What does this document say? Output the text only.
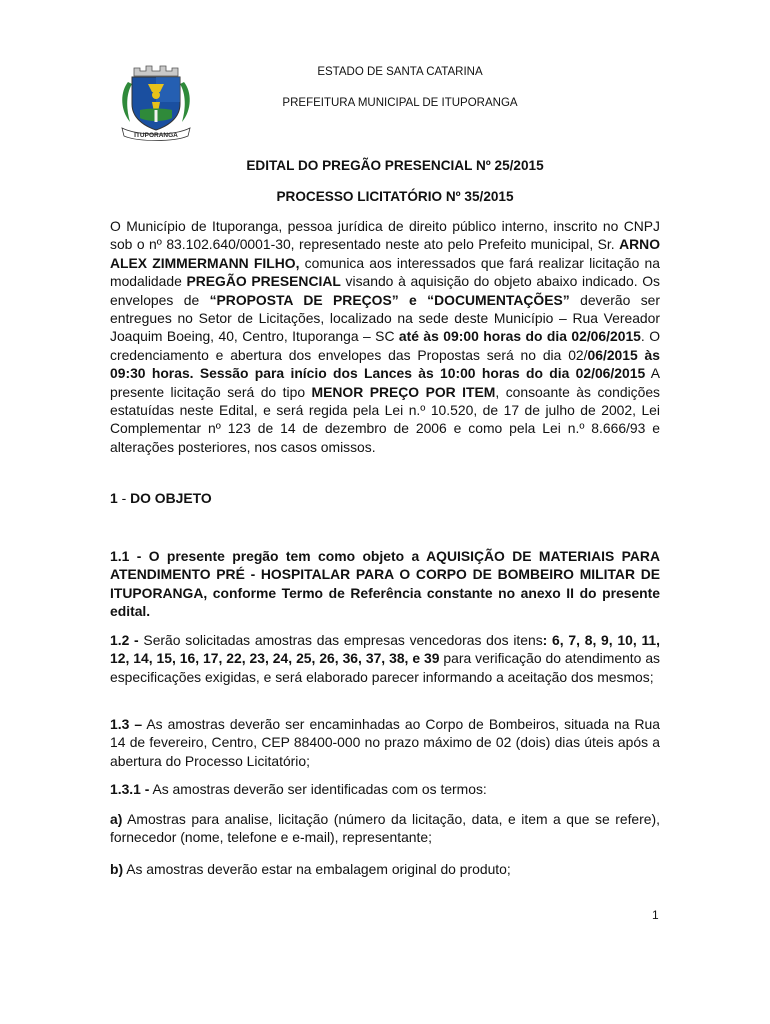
ITUPORANGA
ESTADO DE SANTA CATARINA
PREFEITURA MUNICIPAL DE ITUPORANGA
EDITAL DO PREGÃO PRESENCIAL Nº 25/2015
PROCESSO LICITATÓRIO Nº 35/2015
O Município de Ituporanga, pessoa jurídica de direito público interno, inscrito no CNPJ sob o nº 83.102.640/0001-30, representado neste ato pelo Prefeito municipal, Sr. ARNO ALEX ZIMMERMANN FILHO, comunica aos interessados que fará realizar licitação na modalidade PREGÃO PRESENCIAL visando à aquisição do objeto abaixo indicado. Os envelopes de “PROPOSTA DE PREÇOS” e “DOCUMENTAÇÕES” deverão ser entregues no Setor de Licitações, localizado na sede deste Município – Rua Vereador Joaquim Boeing, 40, Centro, Ituporanga – SC até às 09:00 horas do dia 02/06/2015. O credenciamento e abertura dos envelopes das Propostas será no dia 02/06/2015 às 09:30 horas. Sessão para início dos Lances às 10:00 horas do dia 02/06/2015 A presente licitação será do tipo MENOR PREÇO POR ITEM, consoante às condições estatuídas neste Edital, e será regida pela Lei n.º 10.520, de 17 de julho de 2002, Lei Complementar nº 123 de 14 de dezembro de 2006 e como pela Lei n.º 8.666/93 e alterações posteriores, nos casos omissos.
1 - DO OBJETO
1.1 - O presente pregão tem como objeto a AQUISIÇÃO DE MATERIAIS PARA ATENDIMENTO PRÉ - HOSPITALAR PARA O CORPO DE BOMBEIRO MILITAR DE ITUPORANGA, conforme Termo de Referência constante no anexo II do presente edital.
1.2 - Serão solicitadas amostras das empresas vencedoras dos itens: 6, 7, 8, 9, 10, 11, 12, 14, 15, 16, 17, 22, 23, 24, 25, 26, 36, 37, 38, e 39 para verificação do atendimento as especificações exigidas, e será elaborado parecer informando a aceitação dos mesmos;
1.3 – As amostras deverão ser encaminhadas ao Corpo de Bombeiros, situada na Rua 14 de fevereiro, Centro, CEP 88400-000 no prazo máximo de 02 (dois) dias úteis após a abertura do Processo Licitatório;
1.3.1 - As amostras deverão ser identificadas com os termos:
a) Amostras para analise, licitação (número da licitação, data, e item a que se refere), fornecedor (nome, telefone e e-mail), representante;
b) As amostras deverão estar na embalagem original do produto;
1
